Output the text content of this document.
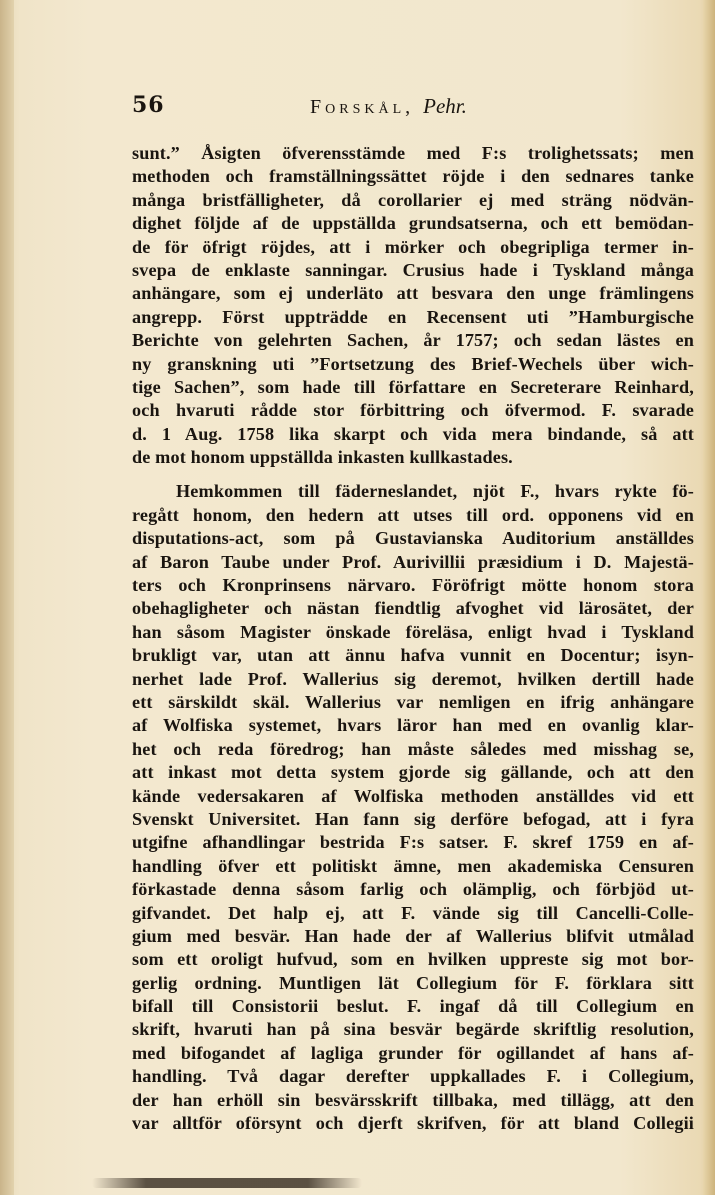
56	Forskål, Pehr.
sunt.” Åsigten öfverensstämde med F:s trolighetssats; men
methoden och framställningssättet röjde i den sednares tanke
många bristfälligheter, då corollarier ej med sträng nödvän-
dighet följde af de uppställda grundsatserna, och ett bemödan-
de för öfrigt röjdes, att i mörker och obegripliga termer in-
svepa de enklaste sanningar. Crusius hade i Tyskland många
anhängare, som ej underläto att besvara den unge främlingens
angrepp. Först uppträdde en Recensent uti ”Hamburgische
Berichte von gelehrten Sachen, år 1757; och sedan lästes en
ny granskning uti ”Fortsetzung des Brief-Wechels über wich-
tige Sachen”, som hade till författare en Secreterare Reinhard,
och hvaruti rådde stor förbittring och öfvermod. F. svarade
d. 1 Aug. 1758 lika skarpt och vida mera bindande, så att
de mot honom uppställda inkasten kullkastades.
Hemkommen till fäderneslandet, njöt F., hvars rykte fö-
regått honom, den hedern att utses till ord. opponens vid en
disputations-act, som på Gustavianska Auditorium anställdes
af Baron Taube under Prof. Aurivillii præsidium i D. Majestä-
ters och Kronprinsens närvaro. Föröfrigt mötte honom stora
obehagligheter och nästan fiendtlig afvoghet vid lärosätet, der
han såsom Magister önskade föreläsa, enligt hvad i Tyskland
brukligt var, utan att ännu hafva vunnit en Docentur; isyn-
nerhet lade Prof. Wallerius sig deremot, hvilken dertill hade
ett särskildt skäl. Wallerius var nemligen en ifrig anhängare
af Wolfiska systemet, hvars läror han med en ovanlig klar-
het och reda föredrog; han måste således med misshag se,
att inkast mot detta system gjorde sig gällande, och att den
kände vedersakaren af Wolfiska methoden anställdes vid ett
Svenskt Universitet. Han fann sig derföre befogad, att i fyra
utgifne afhandlingar bestrida F:s satser. F. skref 1759 en af-
handling öfver ett politiskt ämne, men akademiska Censuren
förkastade denna såsom farlig och olämplig, och förbjöd ut-
gifvandet. Det halp ej, att F. vände sig till Cancelli-Colle-
gium med besvär. Han hade der af Wallerius blifvit utmålad
som ett oroligt hufvud, som en hvilken uppreste sig mot bor-
gerlig ordning. Muntligen lät Collegium för F. förklara sitt
bifall till Consistorii beslut. F. ingaf då till Collegium en
skrift, hvaruti han på sina besvär begärde skriftlig resolution,
med bifogandet af lagliga grunder för ogillandet af hans af-
handling. Två dagar derefter uppkallades F. i Collegium,
der han erhöll sin besvärsskrift tillbaka, med tillägg, att den
var alltför oförsynt och djerft skrifven, för att bland Collegii
